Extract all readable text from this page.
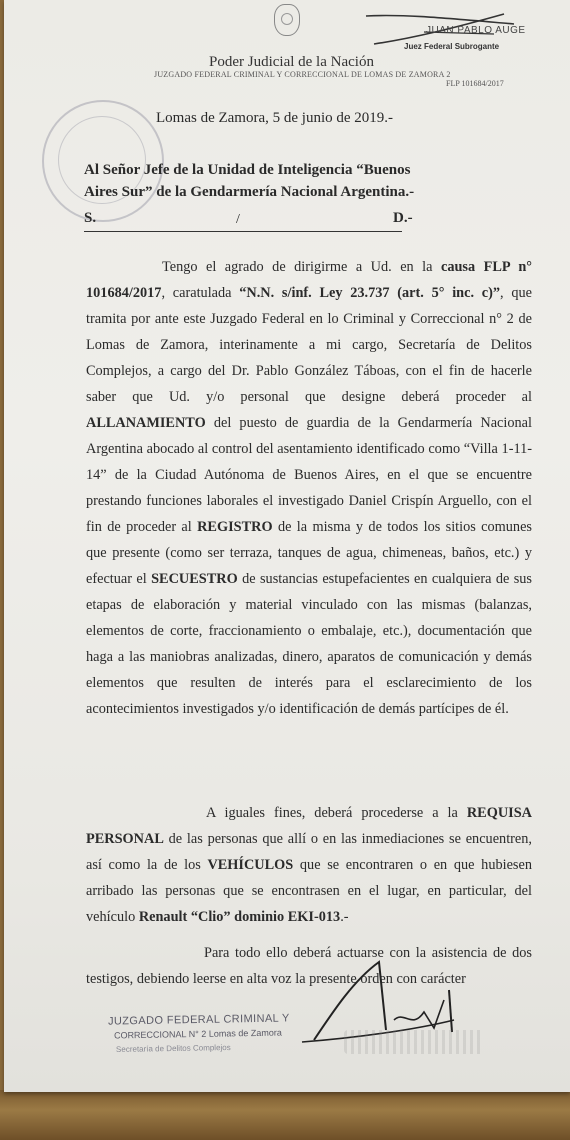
JUAN PABLO AUGE
Juez Federal Subrogante
Poder Judicial de la Nación
JUZGADO FEDERAL CRIMINAL Y CORRECCIONAL DE LOMAS DE ZAMORA 2
FLP 101684/2017
Lomas de Zamora, 5 de junio de 2019.-
Al Señor Jefe de la Unidad de Inteligencia “Buenos
Aires Sur” de la Gendarmería Nacional Argentina.-
S.	/	D.-
Tengo el agrado de dirigirme a Ud. en la causa FLP n° 101684/2017, caratulada “N.N. s/inf. Ley 23.737 (art. 5° inc. c)”, que tramita por ante este Juzgado Federal en lo Criminal y Correccional n° 2 de Lomas de Zamora, interinamente a mi cargo, Secretaría de Delitos Complejos, a cargo del Dr. Pablo González Táboas, con el fin de hacerle saber que Ud. y/o personal que designe deberá proceder al ALLANAMIENTO del puesto de guardia de la Gendarmería Nacional Argentina abocado al control del asentamiento identificado como “Villa 1-11-14” de la Ciudad Autónoma de Buenos Aires, en el que se encuentre prestando funciones laborales el investigado Daniel Crispín Arguello, con el fin de proceder al REGISTRO de la misma y de todos los sitios comunes que presente (como ser terraza, tanques de agua, chimeneas, baños, etc.) y efectuar el SECUESTRO de sustancias estupefacientes en cualquiera de sus etapas de elaboración y material vinculado con las mismas (balanzas, elementos de corte, fraccionamiento o embalaje, etc.), documentación que haga a las maniobras analizadas, dinero, aparatos de comunicación y demás elementos que resulten de interés para el esclarecimiento de los acontecimientos investigados y/o identificación de demás partícipes de él.
A iguales fines, deberá procederse a la REQUISA PERSONAL de las personas que allí o en las inmediaciones se encuentren, así como la de los VEHÍCULOS que se encontraren o en que hubiesen arribado las personas que se encontrasen en el lugar, en particular, del vehículo Renault “Clio” dominio EKI-013.-
Para todo ello deberá actuarse con la asistencia de dos testigos, debiendo leerse en alta voz la presente orden con carácter
JUZGADO FEDERAL CRIMINAL Y
CORRECCIONAL N° 2 Lomas de Zamora
Secretaría de Delitos Complejos
